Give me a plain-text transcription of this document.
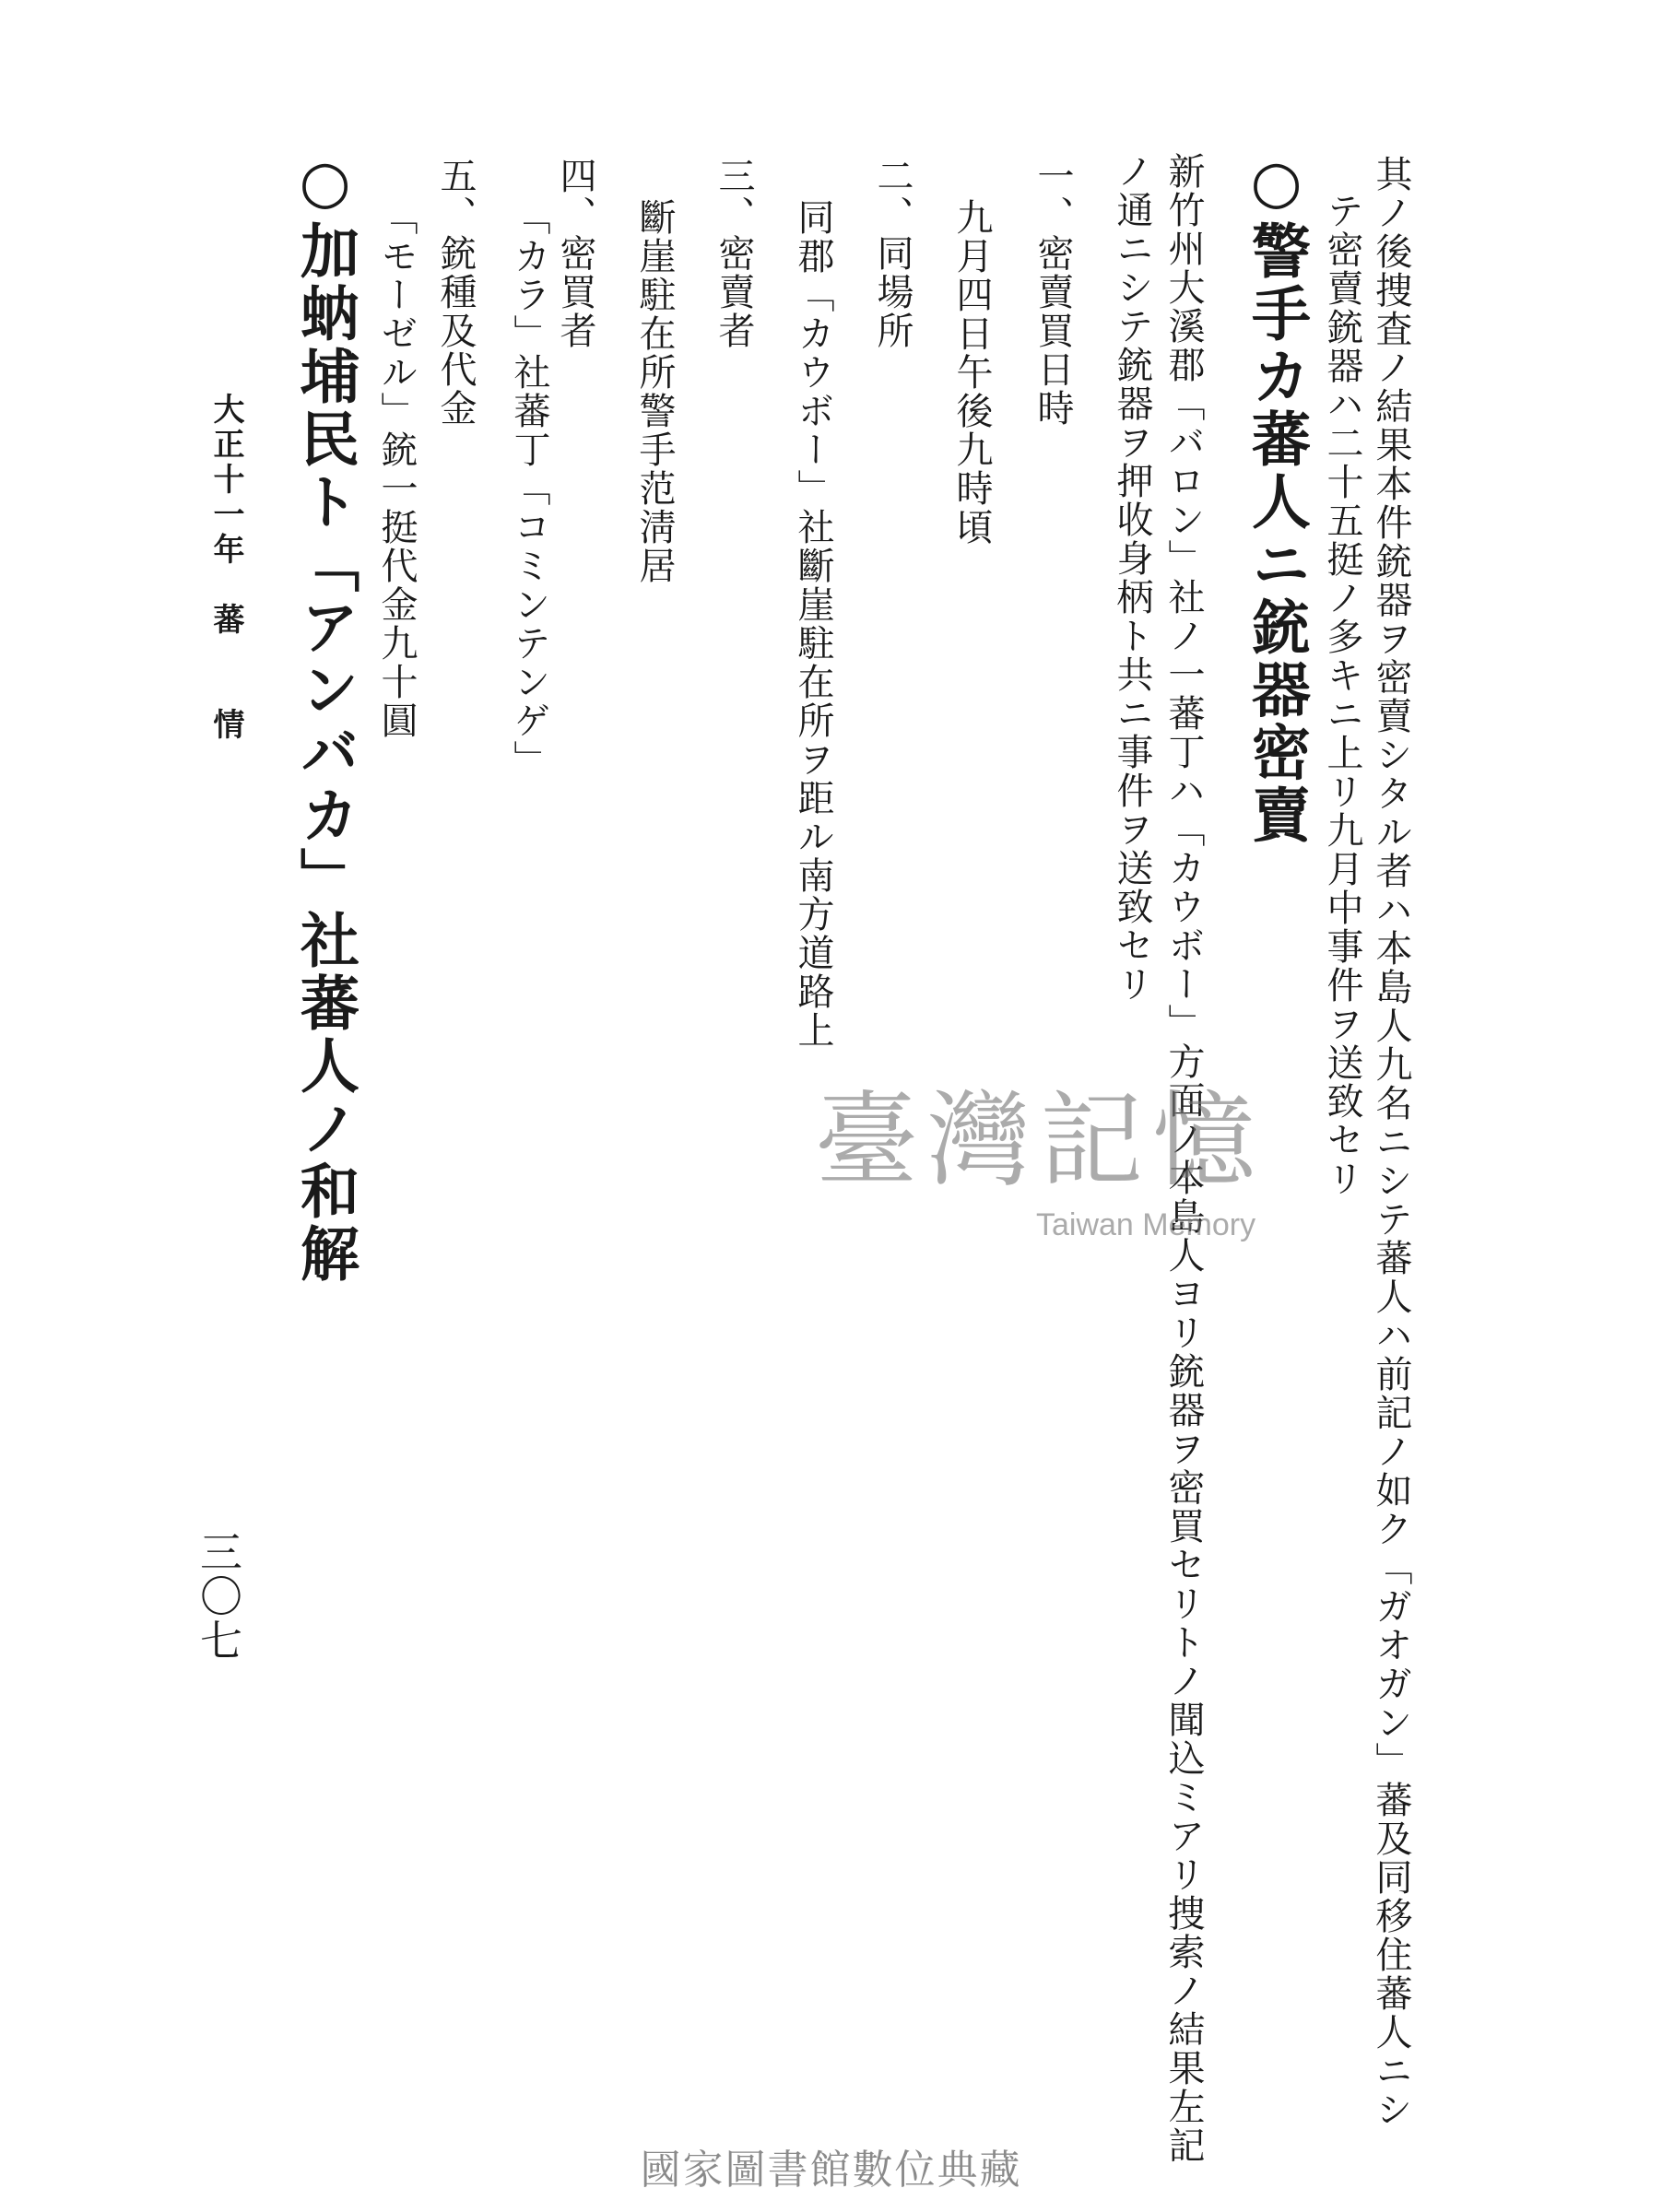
其ノ後捜査ノ結果本件銃器ヲ密賣シタル者ハ本島人九名ニシテ蕃人ハ前記ノ如ク「ガオガン」蕃及同移住蕃人ニシ
テ密賣銃器ハ二十五挺ノ多キニ上リ九月中事件ヲ送致セリ
○警手カ蕃人ニ銃器密賣
新竹州大溪郡「バロン」社ノ一蕃丁ハ「カウボー」方面ノ本島人ヨリ銃器ヲ密買セリトノ聞込ミアリ捜索ノ結果左記
ノ通ニシテ銃器ヲ押收身柄ト共ニ事件ヲ送致セリ
一、密賣買日時
九月四日午後九時頃
二、同場所
同郡「カウボー」社斷崖駐在所ヲ距ル南方道路上
三、密賣者
斷崖駐在所警手范淸居
四、密買者
「カラ」社蕃丁「コミンテンゲ」
五、銃種及代金
「モーゼル」銃一挺代金九十圓
○加蚋埔民ト「アンバカ」社蕃人ノ和解
大正十一年　蕃　　情
三〇七
臺灣記憶
Taiwan Memory
國家圖書館數位典藏
